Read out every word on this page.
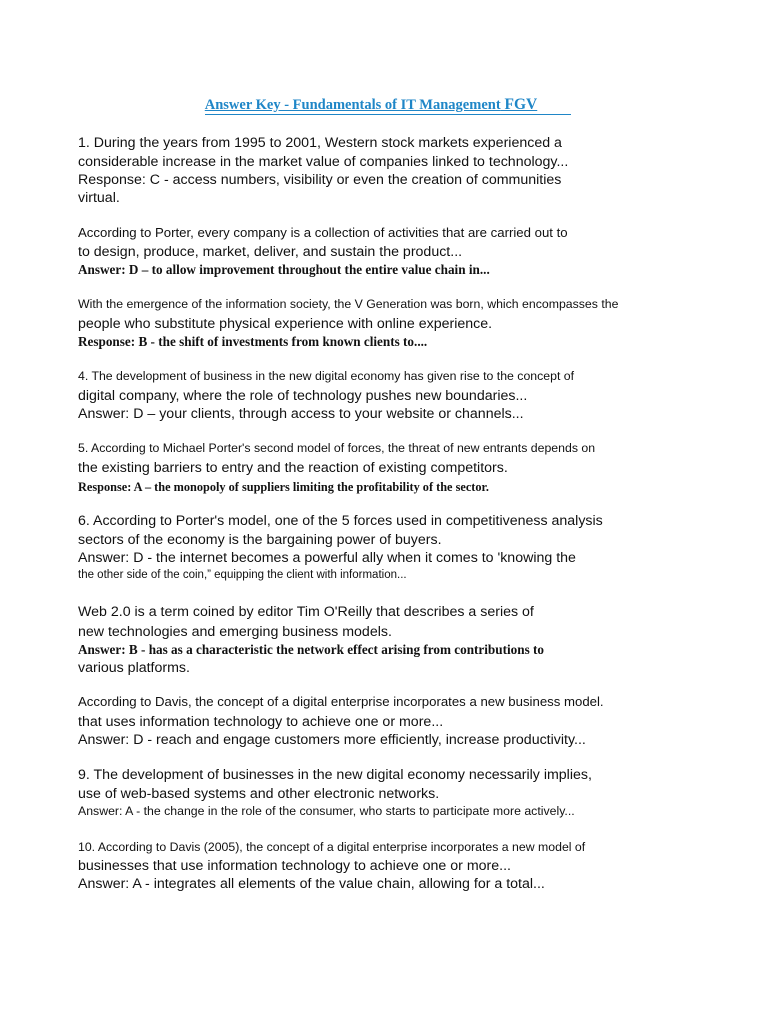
Answer Key - Fundamentals of IT Management FGV
1. During the years from 1995 to 2001, Western stock markets experienced a
considerable increase in the market value of companies linked to technology...
Response: C - access numbers, visibility or even the creation of communities
virtual.
According to Porter, every company is a collection of activities that are carried out to
to design, produce, market, deliver, and sustain the product...
Answer: D – to allow improvement throughout the entire value chain in...
With the emergence of the information society, the V Generation was born, which encompasses the
people who substitute physical experience with online experience.
Response: B - the shift of investments from known clients to....
4. The development of business in the new digital economy has given rise to the concept of
digital company, where the role of technology pushes new boundaries...
Answer: D – your clients, through access to your website or channels...
5. According to Michael Porter's second model of forces, the threat of new entrants depends on
the existing barriers to entry and the reaction of existing competitors.
Response: A – the monopoly of suppliers limiting the profitability of the sector.
6. According to Porter's model, one of the 5 forces used in competitiveness analysis
sectors of the economy is the bargaining power of buyers.
Answer: D - the internet becomes a powerful ally when it comes to 'knowing the
the other side of the coin,” equipping the client with information...
Web 2.0 is a term coined by editor Tim O'Reilly that describes a series of
new technologies and emerging business models.
Answer: B - has as a characteristic the network effect arising from contributions to
various platforms.
According to Davis, the concept of a digital enterprise incorporates a new business model.
that uses information technology to achieve one or more...
Answer: D - reach and engage customers more efficiently, increase productivity...
9. The development of businesses in the new digital economy necessarily implies,
use of web-based systems and other electronic networks.
Answer: A - the change in the role of the consumer, who starts to participate more actively...
10. According to Davis (2005), the concept of a digital enterprise incorporates a new model of
businesses that use information technology to achieve one or more...
Answer: A - integrates all elements of the value chain, allowing for a total...
